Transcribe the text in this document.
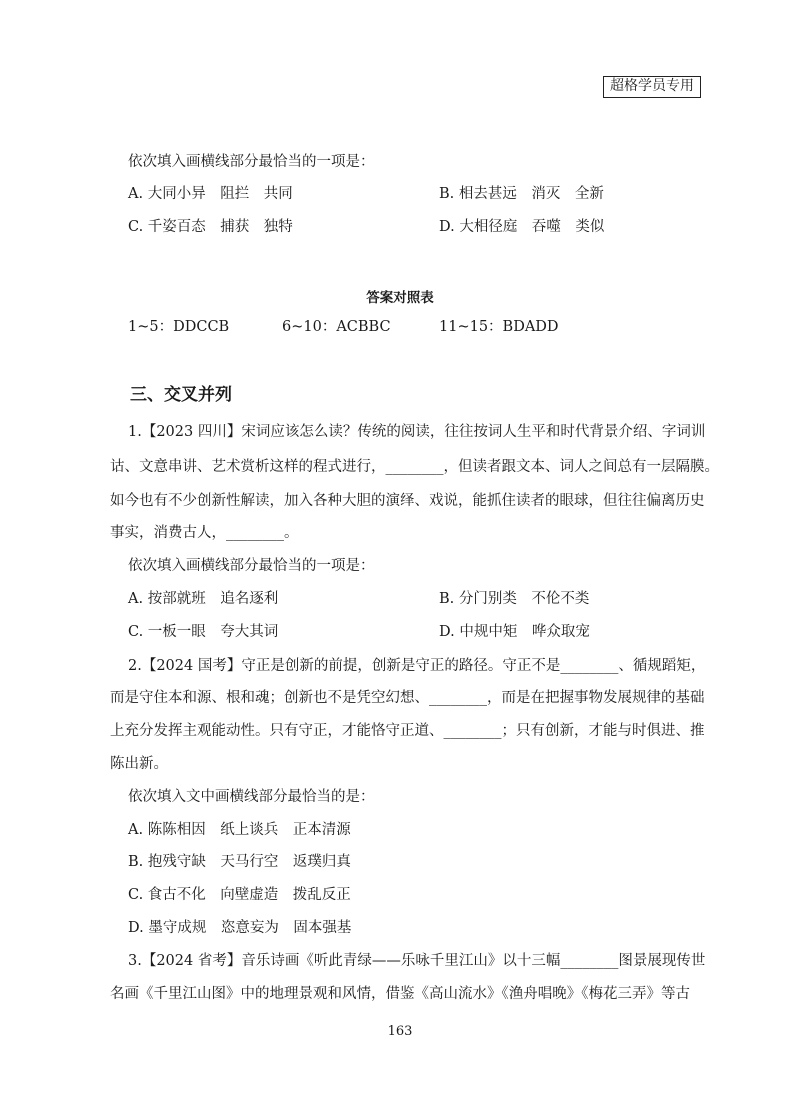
超格学员专用
依次填入画横线部分最恰当的一项是：
A. 大同小异　阻拦　共同	B. 相去甚远　消灭　全新
C. 千姿百态　捕获　独特	D. 大相径庭　吞噬　类似
答案对照表
1~5：DDCCB	6~10：ACBBC	11~15：BDADD
三、交叉并列
1.【2023 四川】宋词应该怎么读？传统的阅读，往往按词人生平和时代背景介绍、字词训
诂、文意串讲、艺术赏析这样的程式进行，________，但读者跟文本、词人之间总有一层隔膜。
如今也有不少创新性解读，加入各种大胆的演绎、戏说，能抓住读者的眼球，但往往偏离历史
事实，消费古人，________。
依次填入画横线部分最恰当的一项是：
A. 按部就班　追名逐利	B. 分门别类　不伦不类
C. 一板一眼　夸大其词	D. 中规中矩　哗众取宠
2.【2024 国考】守正是创新的前提，创新是守正的路径。守正不是________、循规蹈矩，
而是守住本和源、根和魂；创新也不是凭空幻想、________，而是在把握事物发展规律的基础
上充分发挥主观能动性。只有守正，才能恪守正道、________；只有创新，才能与时俱进、推
陈出新。
依次填入文中画横线部分最恰当的是：
A. 陈陈相因　纸上谈兵　正本清源
B. 抱残守缺　天马行空　返璞归真
C. 食古不化　向壁虚造　拨乱反正
D. 墨守成规　恣意妄为　固本强基
3.【2024 省考】音乐诗画《听此青绿——乐咏千里江山》以十三幅________图景展现传世
名画《千里江山图》中的地理景观和风情，借鉴《高山流水》《渔舟唱晚》《梅花三弄》等古
163
